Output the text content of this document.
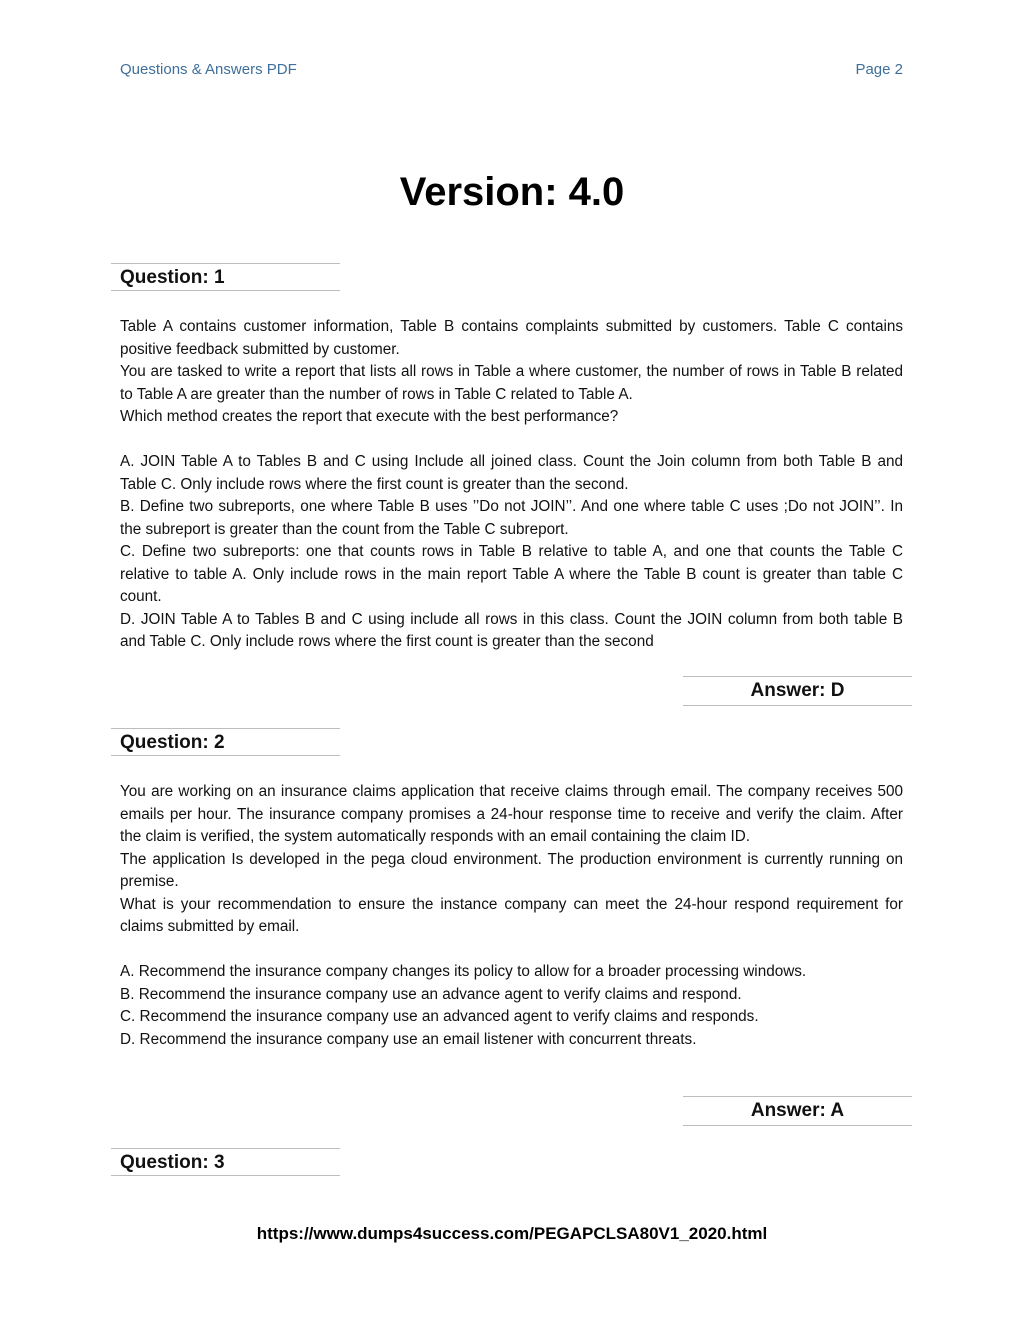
Questions & Answers PDF	Page 2
Version: 4.0
Question: 1

Table A contains customer information, Table B contains complaints submitted by customers. Table C contains positive feedback submitted by customer.

You are tasked to write a report that lists all rows in Table a where customer, the number of rows in Table B related to Table A are greater than the number of rows in Table C related to Table A.

Which method creates the report that execute with the best performance?

A. JOIN Table A to Tables B and C using Include all joined class. Count the Join column from both Table B and Table C. Only include rows where the first count is greater than the second.

B. Define two subreports, one where Table B uses ’’Do not JOIN’’. And one where table C uses ;Do not JOIN’’. In the subreport is greater than the count from the Table C subreport.

C. Define two subreports: one that counts rows in Table B relative to table A, and one that counts the Table C relative to table A. Only include rows in the main report Table A where the Table B count is greater than table C count.

D. JOIN Table A to Tables B and C using include all rows in this class. Count the JOIN column from both table B and Table C. Only include rows where the first count is greater than the second

Answer: D
Question: 2

You are working on an insurance claims application that receive claims through email. The company receives 500 emails per hour. The insurance company promises a 24-hour response time to receive and verify the claim. After the claim is verified, the system automatically responds with an email containing the claim ID.

The application Is developed in the pega cloud environment. The production environment is currently running on premise.

What is your recommendation to ensure the instance company can meet the 24-hour respond requirement for claims submitted by email.

A. Recommend the insurance company changes its policy to allow for a broader processing windows.

B. Recommend the insurance company use an advance agent to verify claims and respond.

C. Recommend the insurance company use an advanced agent to verify claims and responds.

D. Recommend the insurance company use an email listener with concurrent threats.

Answer: A
Question: 3
https://www.dumps4success.com/PEGAPCLSA80V1_2020.html
